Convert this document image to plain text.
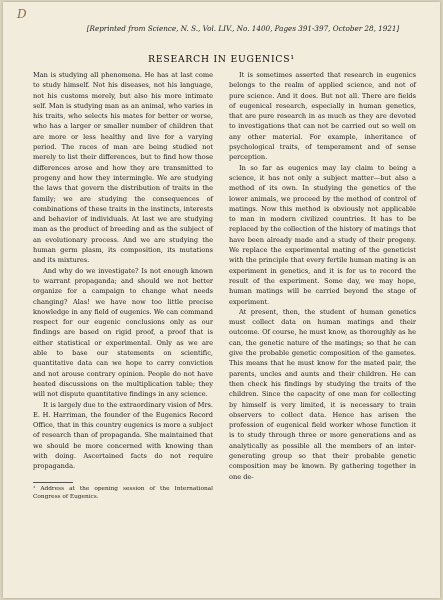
D
[Reprinted from Science, N. S., Vol. LIV., No. 1400, Pages 391-397, October 28, 1921]
RESEARCH IN EUGENICS¹

Man is studying all phenomena. He has at last come to study himself. Not his diseases, not his language, not his customs merely, but also his more intimate self. Man is studying man as an animal, who varies in his traits, who selects his mates for better or worse, who has a larger or smaller number of children that are more or less healthy and live for a varying period. The races of man are being studied not merely to list their differences, but to find how those differences arose and how they are transmitted to progeny and how they intermingle. We are studying the laws that govern the distribution of traits in the family; we are studying the consequences of combinations of these traits in the instincts, interests and behavior of individuals. At last we are studying man as the product of breeding and as the subject of an evolutionary process. And we are studying the human germ plasm, its composition, its mutations and its mixtures.

And why do we investigate? Is not enough known to warrant propaganda; and should we not better organize for a campaign to change what needs changing? Alas! we have now too little precise knowledge in any field of eugenics. We can command respect for our eugenic conclusions only as our findings are based on rigid proof, a proof that is either statistical or experimental. Only as we are able to base our statements on scientific, quantitative data can we hope to carry conviction and not arouse contrary opinion. People do not have heated discussions on the multiplication table; they will not dispute quantitative findings in any science.

It is largely due to the extraordinary vision of Mrs. E. H. Harriman, the founder of the Eugenics Record Office, that in this country eugenics is more a subject of research than of propaganda. She maintained that we should be more concerned with knowing than with doing. Ascertained facts do not require propaganda.

¹ Address at the opening session of the International Congress of Eugenics.

It is sometimes asserted that research in eugenics belongs to the realm of applied science, and not of pure science. And it does. But not all. There are fields of eugenical research, especially in human genetics, that are pure research in as much as they are devoted to investigations that can not be carried out so well on any other material. For example, inheritance of psychological traits, of temperament and of sense perception.

In so far as eugenics may lay claim to being a science, it has not only a subject matter—but also a method of its own. In studying the genetics of the lower animals, we proceed by the method of control of matings. Now this method is obviously not applicable to man in modern civilized countries. It has to be replaced by the collection of the history of matings that have been already made and a study of their progeny. We replace the experimental mating of the geneticist with the principle that every fertile human mating is an experiment in genetics, and it is for us to record the result of the experiment. Some day, we may hope, human matings will be carried beyond the stage of experiment.

At present, then, the student of human genetics must collect data on human matings and their outcome. Of course, he must know, as thoroughly as he can, the genetic nature of the matings; so that he can give the probable genetic composition of the gametes. This means that he must know for the mated pair, the parents, uncles and aunts and their children. He can then check his findings by studying the traits of the children. Since the capacity of one man for collecting by himself is very limited, it is necessary to train observers to collect data. Hence has arisen the profession of eugenical field worker whose function it is to study through three or more generations and as analytically as possible all the members of an inter-generating group so that their probable genetic composition may be known. By gathering together in one de-
